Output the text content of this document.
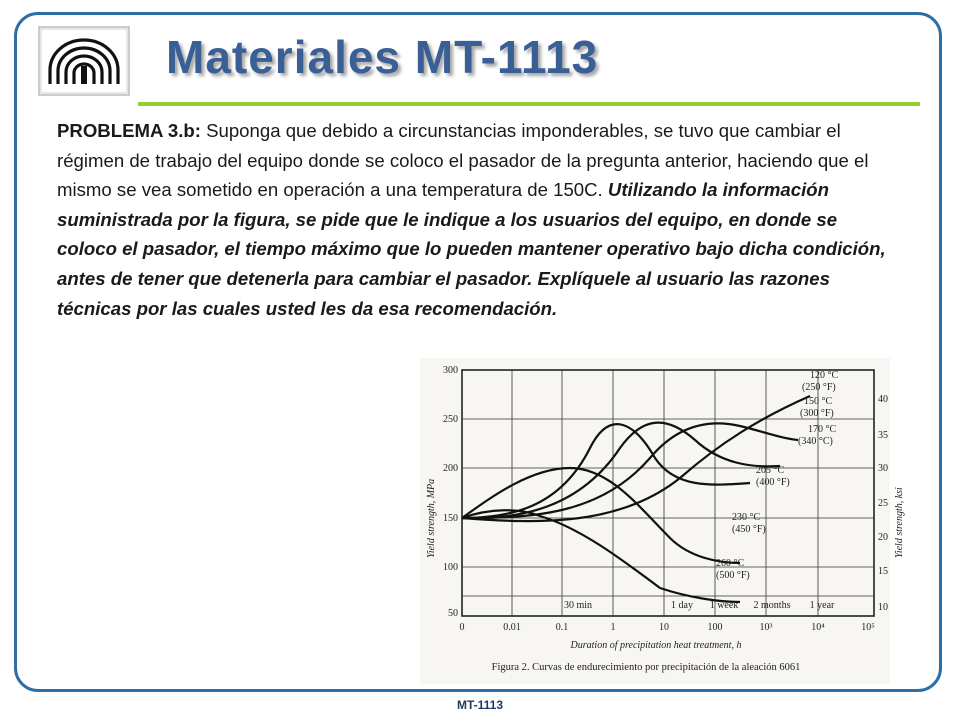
Materiales MT-1113
PROBLEMA 3.b: Suponga que debido a circunstancias imponderables, se tuvo que cambiar el régimen de trabajo del equipo donde se coloco el pasador de la pregunta anterior, haciendo que el mismo se vea sometido en operación a una temperatura de 150C. Utilizando la información suministrada por la figura, se pide que le indique a los usuarios del equipo, en donde se coloco el pasador, el tiempo máximo que lo pueden mantener operativo bajo dicha condición, antes de tener que detenerla para cambiar el pasador. Explíquele al usuario las razones técnicas por las cuales usted les da esa recomendación.
300
250
200
150
100
50
40
35
30
25
20
15
10
Yield strength, MPa	Yield strength, ksi
30 min	1 day 1 week 2 months 1 year
0	0.01	0.1	1	10	100	10³	10⁴	10⁵
Duration of precipitation heat treatment, h
120 °C
(250 °F)
150 °C
(300 °F)
170 °C
(340 °C)
205 °C
(400 °F)
230 °C
(450 °F)
260 °C
(500 °F)
Figura 2. Curvas de endurecimiento por precipitación de la aleación 6061
MT-1113
